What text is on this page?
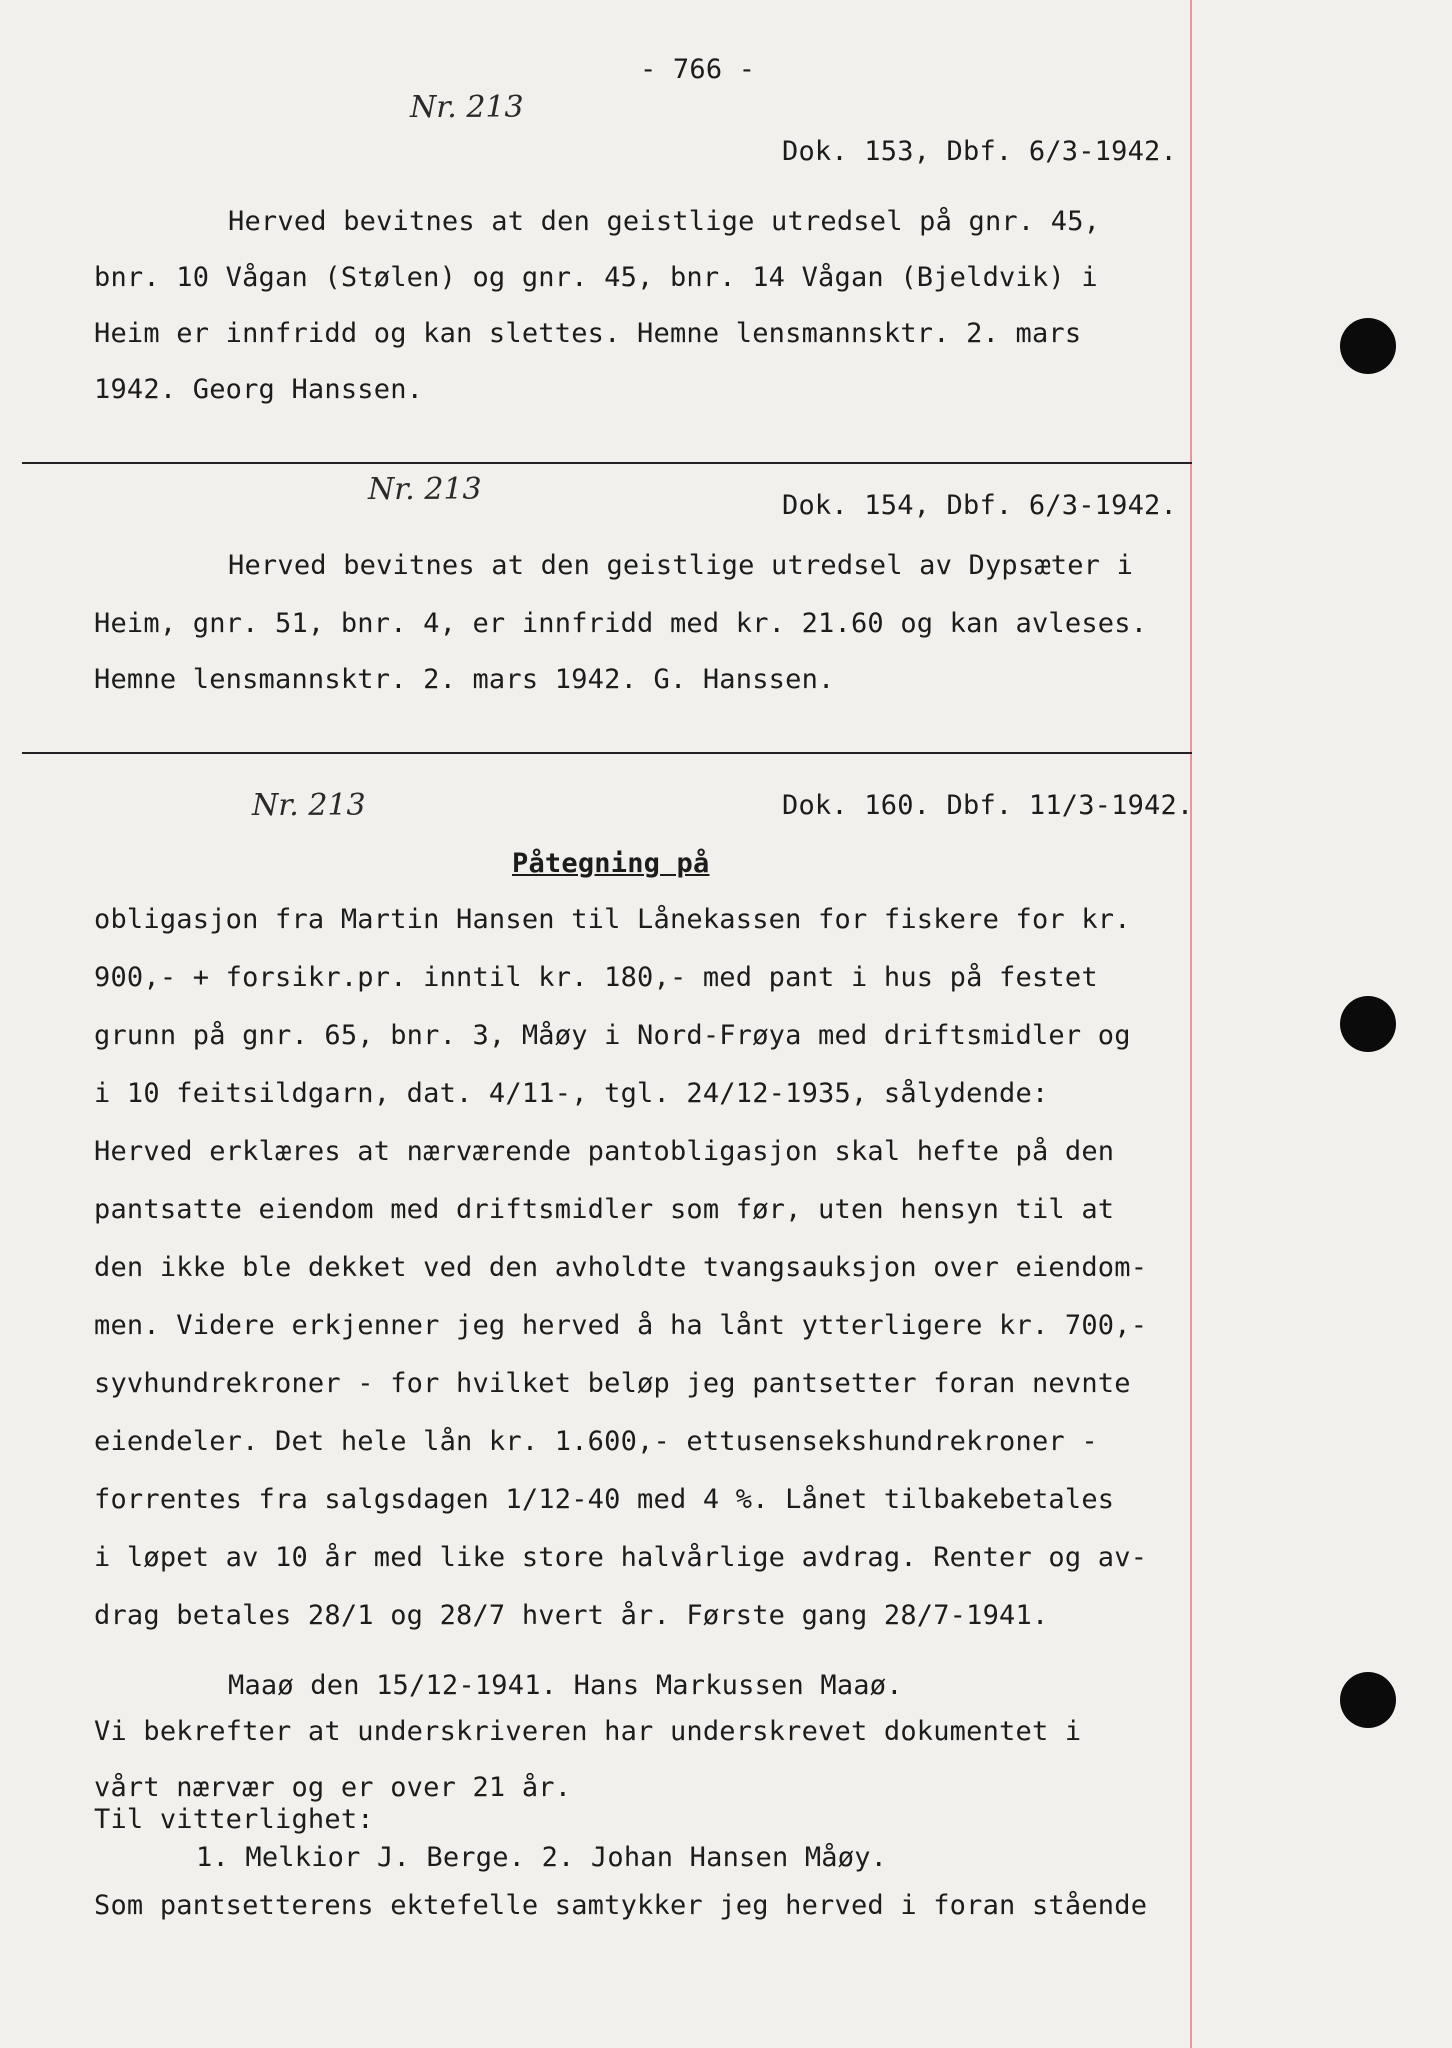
- 766 -
Nr. 213
Dok. 153, Dbf. 6/3-1942.
Herved bevitnes at den geistlige utredsel på gnr. 45,
bnr. 10 Vågan (Stølen) og gnr. 45, bnr. 14 Vågan (Bjeldvik) i
Heim er innfridd og kan slettes. Hemne lensmannsktr. 2. mars
1942. Georg Hanssen.
Nr. 213	Dok. 154, Dbf. 6/3-1942.
Herved bevitnes at den geistlige utredsel av Dypsæter i
Heim, gnr. 51, bnr. 4, er innfridd med kr. 21.60 og kan avleses.
Hemne lensmannsktr. 2. mars 1942. G. Hanssen.
Nr. 213	Dok. 160. Dbf. 11/3-1942.
Påtegning på
obligasjon fra Martin Hansen til Lånekassen for fiskere for kr.
900,- + forsikr.pr. inntil kr. 180,- med pant i hus på festet
grunn på gnr. 65, bnr. 3, Måøy i Nord-Frøya med driftsmidler og
i 10 feitsildgarn, dat. 4/11-, tgl. 24/12-1935, sålydende:
Herved erklæres at nærværende pantobligasjon skal hefte på den
pantsatte eiendom med driftsmidler som før, uten hensyn til at
den ikke ble dekket ved den avholdte tvangsauksjon over eiendom-
men. Videre erkjenner jeg herved å ha lånt ytterligere kr. 700,-
syvhundrekroner - for hvilket beløp jeg pantsetter foran nevnte
eiendeler. Det hele lån kr. 1.600,- ettusensekshundrekroner -
forrentes fra salgsdagen 1/12-40 med 4 %. Lånet tilbakebetales
i løpet av 10 år med like store halvårlige avdrag. Renter og av-
drag betales 28/1 og 28/7 hvert år. Første gang 28/7-1941.
Maaø den 15/12-1941. Hans Markussen Maaø.
Vi bekrefter at underskriveren har underskrevet dokumentet i
vårt nærvær og er over 21 år.
Til vitterlighet:
1. Melkior J. Berge. 2. Johan Hansen Måøy.
Som pantsetterens ektefelle samtykker jeg herved i foran stående
